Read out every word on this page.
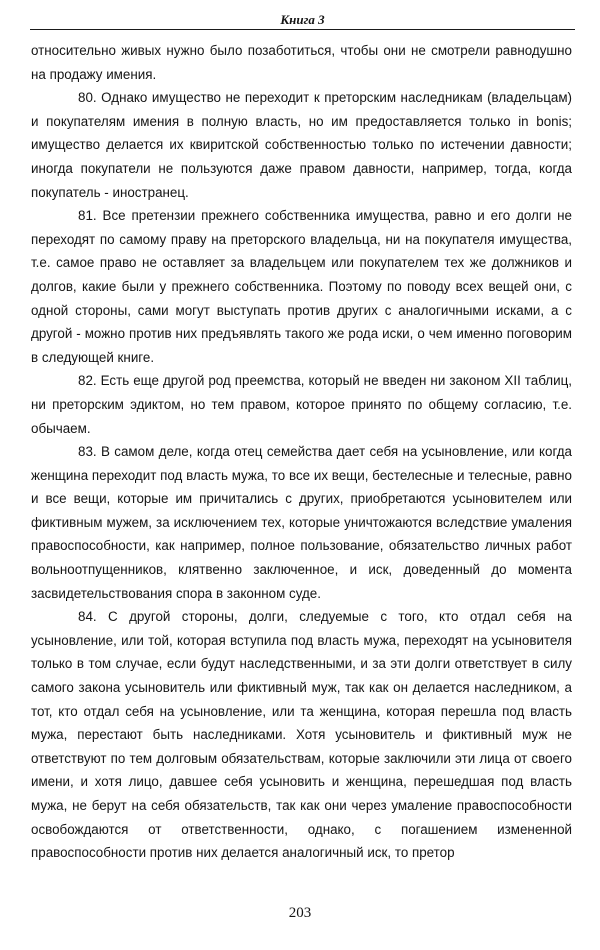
Книга 3

относительно живых нужно было позаботиться, чтобы они не смотрели равнодушно на продажу имения.

80. Однако имущество не переходит к преторским наследникам (владельцам) и покупателям имения в полную власть, но им предоставляется только in bonis; имущество делается их квиритской собственностью только по истечении давности; иногда покупатели не пользуются даже правом давности, например, тогда, когда покупатель - иностранец.

81. Все претензии прежнего собственника имущества, равно и его долги не переходят по самому праву на преторского владельца, ни на покупателя имущества, т.е. самое право не оставляет за владельцем или покупателем тех же должников и долгов, какие были у прежнего собственника. Поэтому по поводу всех вещей они, с одной стороны, сами могут выступать против других с аналогичными исками, а с другой - можно против них предъявлять такого же рода иски, о чем именно поговорим в следующей книге.

82. Есть еще другой род преемства, который не введен ни законом XII таблиц, ни преторским эдиктом, но тем правом, которое принято по общему согласию, т.е. обычаем.

83. В самом деле, когда отец семейства дает себя на усыновление, или когда женщина переходит под власть мужа, то все их вещи, бестелесные и телесные, равно и все вещи, которые им причитались с других, приобретаются усыновителем или фиктивным мужем, за исключением тех, которые уничтожаются вследствие умаления правоспособности, как например, полное пользование, обязательство личных работ вольноотпущенников, клятвенно заключенное, и иск, доведенный до момента засвидетельствования спора в законном суде.

84. С другой стороны, долги, следуемые с того, кто отдал себя на усыновление, или той, которая вступила под власть мужа, переходят на усыновителя только в том случае, если будут наследственными, и за эти долги ответствует в силу самого закона усыновитель или фиктивный муж, так как он делается наследником, а тот, кто отдал себя на усыновление, или та женщина, которая перешла под власть мужа, перестают быть наследниками. Хотя усыновитель и фиктивный муж не ответствуют по тем долговым обязательствам, которые заключили эти лица от своего имени, и хотя лицо, давшее себя усыновить и женщина, перешедшая под власть мужа, не берут на себя обязательств, так как они через умаление правоспособности освобождаются от ответственности, однако, с погашением измененной правоспособности против них делается аналогичный иск, то претор

203
